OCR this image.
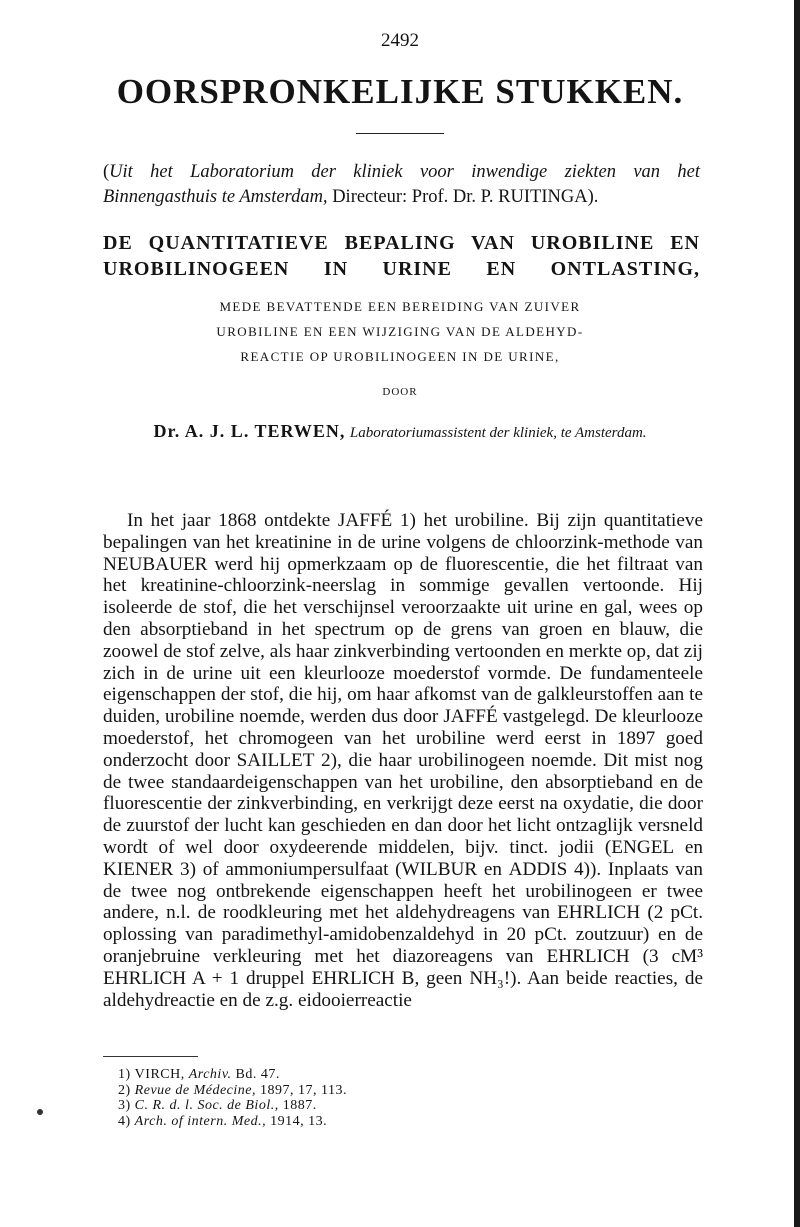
2492
OORSPRONKELIJKE STUKKEN.
(Uit het Laboratorium der kliniek voor inwendige ziekten van het Binnengasthuis te Amsterdam, Directeur: Prof. Dr. P. RUITINGA).
DE QUANTITATIEVE BEPALING VAN UROBILINE EN UROBILINOGEEN IN URINE EN ONTLASTING,
MEDE BEVATTENDE EEN BEREIDING VAN ZUIVER
UROBILINE EN EEN WIJZIGING VAN DE ALDEHYD-
REACTIE OP UROBILINOGEEN IN DE URINE,
DOOR
Dr. A. J. L. TERWEN, Laboratoriumassistent der kliniek, te Amsterdam.

In het jaar 1868 ontdekte JAFFÉ 1) het urobiline. Bij zijn quantitatieve bepalingen van het kreatinine in de urine volgens de chloorzink-methode van NEUBAUER werd hij opmerkzaam op de fluorescentie, die het filtraat van het kreatinine-chloorzink-neerslag in sommige gevallen vertoonde. Hij isoleerde de stof, die het verschijnsel veroorzaakte uit urine en gal, wees op den absorptieband in het spectrum op de grens van groen en blauw, die zoowel de stof zelve, als haar zinkverbinding vertoonden en merkte op, dat zij zich in de urine uit een kleurlooze moederstof vormde. De fundamenteele eigenschappen der stof, die hij, om haar afkomst van de galkleurstoffen aan te duiden, urobiline noemde, werden dus door JAFFÉ vastgelegd. De kleurlooze moederstof, het chromogeen van het urobiline werd eerst in 1897 goed onderzocht door SAILLET 2), die haar urobilinogeen noemde. Dit mist nog de twee standaardeigenschappen van het urobiline, den absorptieband en de fluorescentie der zinkverbinding, en verkrijgt deze eerst na oxydatie, die door de zuurstof der lucht kan geschieden en dan door het licht ontzaglijk versneld wordt of wel door oxydeerende middelen, bijv. tinct. jodii (ENGEL en KIENER 3) of ammoniumpersulfaat (WILBUR en ADDIS 4)). Inplaats van de twee nog ontbrekende eigenschappen heeft het urobilinogeen er twee andere, n.l. de roodkleuring met het aldehydreagens van EHRLICH (2 pCt. oplossing van paradimethyl-amidobenzaldehyd in 20 pCt. zoutzuur) en de oranjebruine verkleuring met het diazoreagens van EHRLICH (3 cM³ EHRLICH A + 1 druppel EHRLICH B, geen NH₃!). Aan beide reacties, de aldehydreactie en de z.g. eidooierreactie

1) VIRCH, Archiv. Bd. 47.
2) Revue de Médecine, 1897, 17, 113.
3) C. R. d. l. Soc. de Biol., 1887.
4) Arch. of intern. Med., 1914, 13.
